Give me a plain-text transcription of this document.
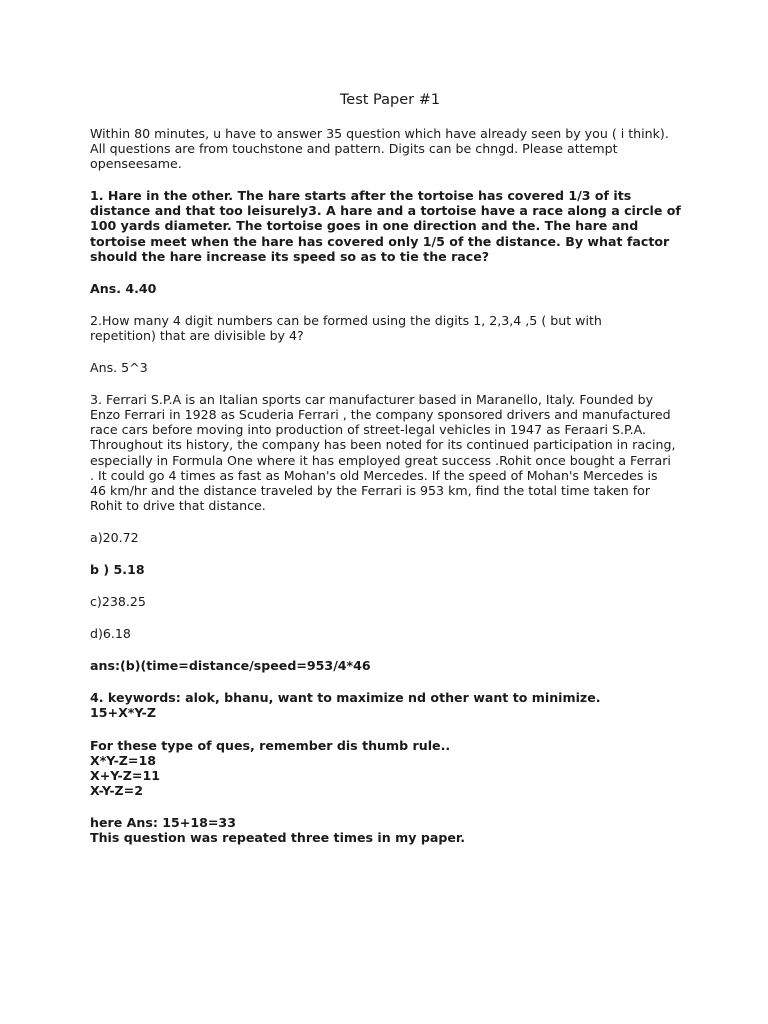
Test Paper #1
Within 80 minutes, u have to answer 35 question which have already seen by you ( i think).
All questions are from touchstone and pattern. Digits can be chngd. Please attempt
openseesame.
1. Hare in the other. The hare starts after the tortoise has covered 1/3 of its
distance and that too leisurely3. A hare and a tortoise have a race along a circle of
100 yards diameter. The tortoise goes in one direction and the. The hare and
tortoise meet when the hare has covered only 1/5 of the distance. By what factor
should the hare increase its speed so as to tie the race?
Ans. 4.40
2.How many 4 digit numbers can be formed using the digits 1, 2,3,4 ,5 ( but with
repetition) that are divisible by 4?
Ans. 5^3
3. Ferrari S.P.A is an Italian sports car manufacturer based in Maranello, Italy. Founded by
Enzo Ferrari in 1928 as Scuderia Ferrari , the company sponsored drivers and manufactured
race cars before moving into production of street-legal vehicles in 1947 as Feraari S.P.A.
Throughout its history, the company has been noted for its continued participation in racing,
especially in Formula One where it has employed great success .Rohit once bought a Ferrari
. It could go 4 times as fast as Mohan's old Mercedes. If the speed of Mohan's Mercedes is
46 km/hr and the distance traveled by the Ferrari is 953 km, find the total time taken for
Rohit to drive that distance.
a)20.72
b ) 5.18
c)238.25
d)6.18
ans:(b)(time=distance/speed=953/4*46
4. keywords: alok, bhanu, want to maximize nd other want to minimize.
15+X*Y-Z
For these type of ques, remember dis thumb rule..
X*Y-Z=18
X+Y-Z=11
X-Y-Z=2
here Ans: 15+18=33
This question was repeated three times in my paper.
